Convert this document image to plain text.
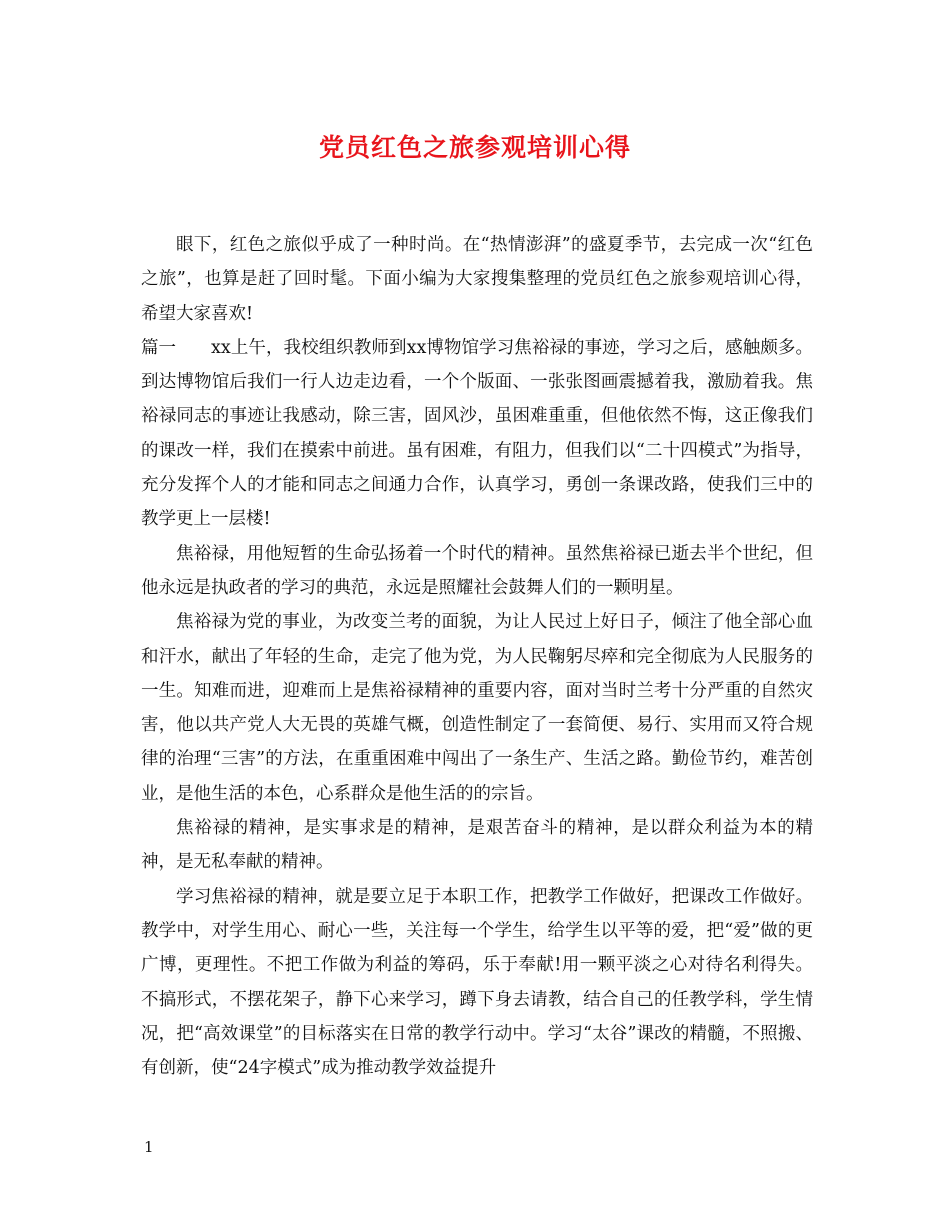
党员红色之旅参观培训心得

眼下，红色之旅似乎成了一种时尚。在“热情澎湃”的盛夏季节，去完成一次“红色之旅”，也算是赶了回时髦。下面小编为大家搜集整理的党员红色之旅参观培训心得，希望大家喜欢!

篇一 xx上午，我校组织教师到xx博物馆学习焦裕禄的事迹，学习之后，感触颇多。 到达博物馆后我们一行人边走边看，一个个版面、一张张图画震撼着我，激励着我。焦裕禄同志的事迹让我感动，除三害，固风沙，虽困难重重，但他依然不悔，这正像我们的课改一样，我们在摸索中前进。虽有困难，有阻力，但我们以“二十四模式”为指导，充分发挥个人的才能和同志之间通力合作，认真学习，勇创一条课改路，使我们三中的教学更上一层楼!

焦裕禄，用他短暂的生命弘扬着一个时代的精神。虽然焦裕禄已逝去半个世纪，但他永远是执政者的学习的典范，永远是照耀社会鼓舞人们的一颗明星。

焦裕禄为党的事业，为改变兰考的面貌，为让人民过上好日子，倾注了他全部心血和汗水，献出了年轻的生命，走完了他为党，为人民鞠躬尽瘁和完全彻底为人民服务的一生。知难而进，迎难而上是焦裕禄精神的重要内容，面对当时兰考十分严重的自然灾害，他以共产党人大无畏的英雄气概，创造性制定了一套简便、易行、实用而又符合规律的治理“三害”的方法，在重重困难中闯出了一条生产、生活之路。勤俭节约，难苦创业，是他生活的本色，心系群众是他生活的的宗旨。

焦裕禄的精神，是实事求是的精神，是艰苦奋斗的精神，是以群众利益为本的精神，是无私奉献的精神。

学习焦裕禄的精神，就是要立足于本职工作，把教学工作做好，把课改工作做好。教学中，对学生用心、耐心一些，关注每一个学生，给学生以平等的爱，把“爱”做的更广博，更理性。不把工作做为利益的筹码，乐于奉献!用一颗平淡之心对待名利得失。不搞形式，不摆花架子，静下心来学习，蹲下身去请教，结合自己的任教学科，学生情况，把“高效课堂”的目标落实在日常的教学行动中。学习“太谷”课改的精髓，不照搬、有创新，使“24字模式”成为推动教学效益提升

1
